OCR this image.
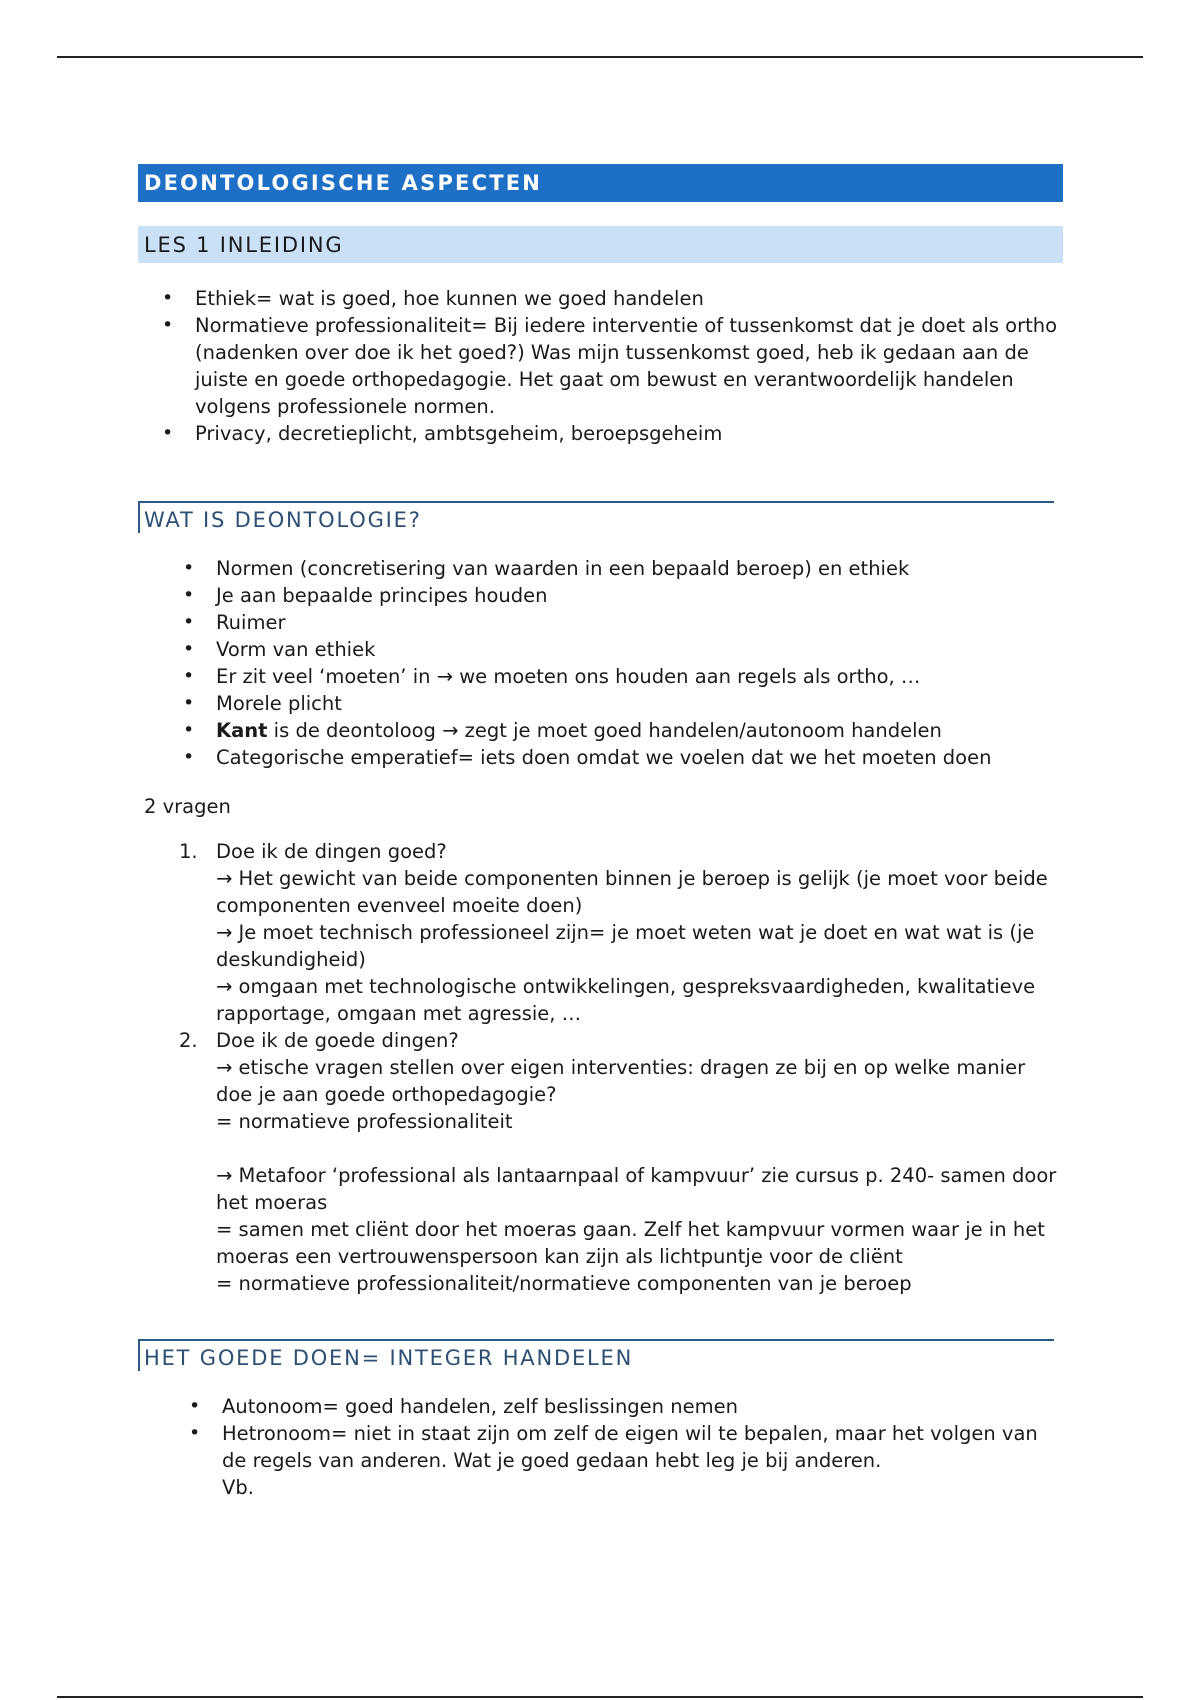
DEONTOLOGISCHE ASPECTEN
LES 1 INLEIDING
• Ethiek= wat is goed, hoe kunnen we goed handelen
• Normatieve professionaliteit= Bij iedere interventie of tussenkomst dat je doet als ortho (nadenken over doe ik het goed?) Was mijn tussenkomst goed, heb ik gedaan aan de juiste en goede orthopedagogie. Het gaat om bewust en verantwoordelijk handelen volgens professionele normen.
• Privacy, decretieplicht, ambtsgeheim, beroepsgeheim
WAT IS DEONTOLOGIE?
• Normen (concretisering van waarden in een bepaald beroep) en ethiek
• Je aan bepaalde principes houden
• Ruimer
• Vorm van ethiek
• Er zit veel ‘moeten’ in → we moeten ons houden aan regels als ortho, …
• Morele plicht
• Kant is de deontoloog → zegt je moet goed handelen/autonoom handelen
• Categorische emperatief= iets doen omdat we voelen dat we het moeten doen
2 vragen
1. Doe ik de dingen goed?
→ Het gewicht van beide componenten binnen je beroep is gelijk (je moet voor beide componenten evenveel moeite doen)
→ Je moet technisch professioneel zijn= je moet weten wat je doet en wat wat is (je deskundigheid)
→ omgaan met technologische ontwikkelingen, gespreksvaardigheden, kwalitatieve rapportage, omgaan met agressie, …
2. Doe ik de goede dingen?
→ etische vragen stellen over eigen interventies: dragen ze bij en op welke manier doe je aan goede orthopedagogie?
= normatieve professionaliteit
→ Metafoor ‘professional als lantaarnpaal of kampvuur’ zie cursus p. 240- samen door het moeras
= samen met cliënt door het moeras gaan. Zelf het kampvuur vormen waar je in het moeras een vertrouwenspersoon kan zijn als lichtpuntje voor de cliënt
= normatieve professionaliteit/normatieve componenten van je beroep
HET GOEDE DOEN= INTEGER HANDELEN
• Autonoom= goed handelen, zelf beslissingen nemen
• Hetronoom= niet in staat zijn om zelf de eigen wil te bepalen, maar het volgen van de regels van anderen. Wat je goed gedaan hebt leg je bij anderen.
Vb.
